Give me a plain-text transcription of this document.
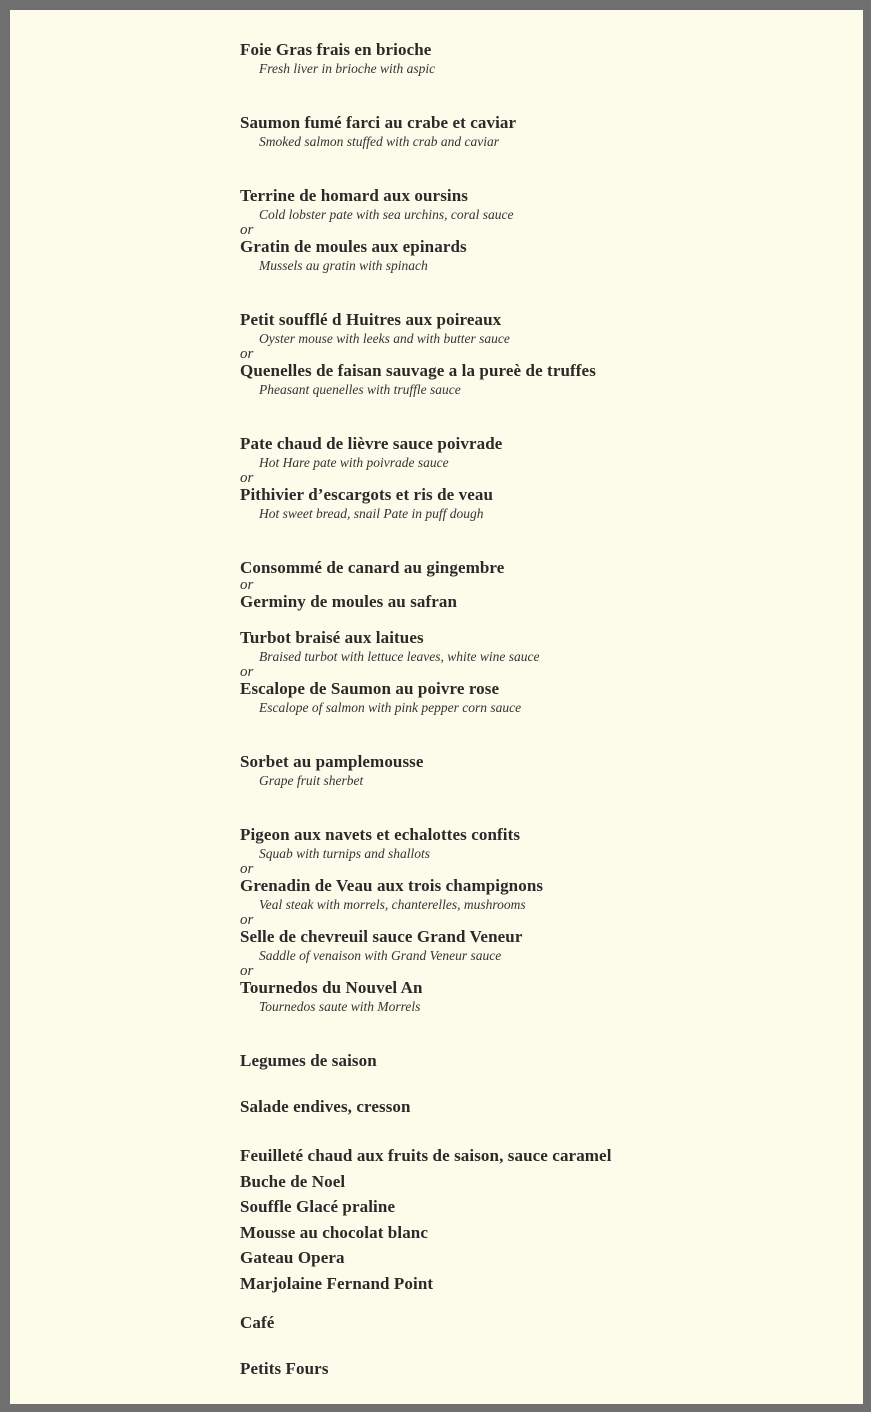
Foie Gras frais en brioche
Fresh liver in brioche with aspic
Saumon fumé farci au crabe et caviar
Smoked salmon stuffed with crab and caviar
Terrine de homard aux oursins
Cold lobster pate with sea urchins, coral sauce
or
Gratin de moules aux epinards
Mussels au gratin with spinach
Petit soufflé d Huitres aux poireaux
Oyster mouse with leeks and with butter sauce
or
Quenelles de faisan sauvage a la pureè de truffes
Pheasant quenelles with truffle sauce
Pate chaud de lièvre sauce poivrade
Hot Hare pate with poivrade sauce
or
Pithivier d’escargots et ris de veau
Hot sweet bread, snail Pate in puff dough
Consommé de canard au gingembre
or
Germiny de moules au safran
Turbot braisé aux laitues
Braised turbot with lettuce leaves, white wine sauce
or
Escalope de Saumon au poivre rose
Escalope of salmon with pink pepper corn sauce
Sorbet au pamplemousse
Grape fruit sherbet
Pigeon aux navets et echalottes confits
Squab with turnips and shallots
or
Grenadin de Veau aux trois champignons
Veal steak with morrels, chanterelles, mushrooms
or
Selle de chevreuil sauce Grand Veneur
Saddle of venaison with Grand Veneur sauce
or
Tournedos du Nouvel An
Tournedos saute with Morrels
Legumes de saison
Salade endives, cresson
Feuilleté chaud aux fruits de saison, sauce caramel
Buche de Noel
Souffle Glacé praline
Mousse au chocolat blanc
Gateau Opera
Marjolaine Fernand Point
Café
Petits Fours
